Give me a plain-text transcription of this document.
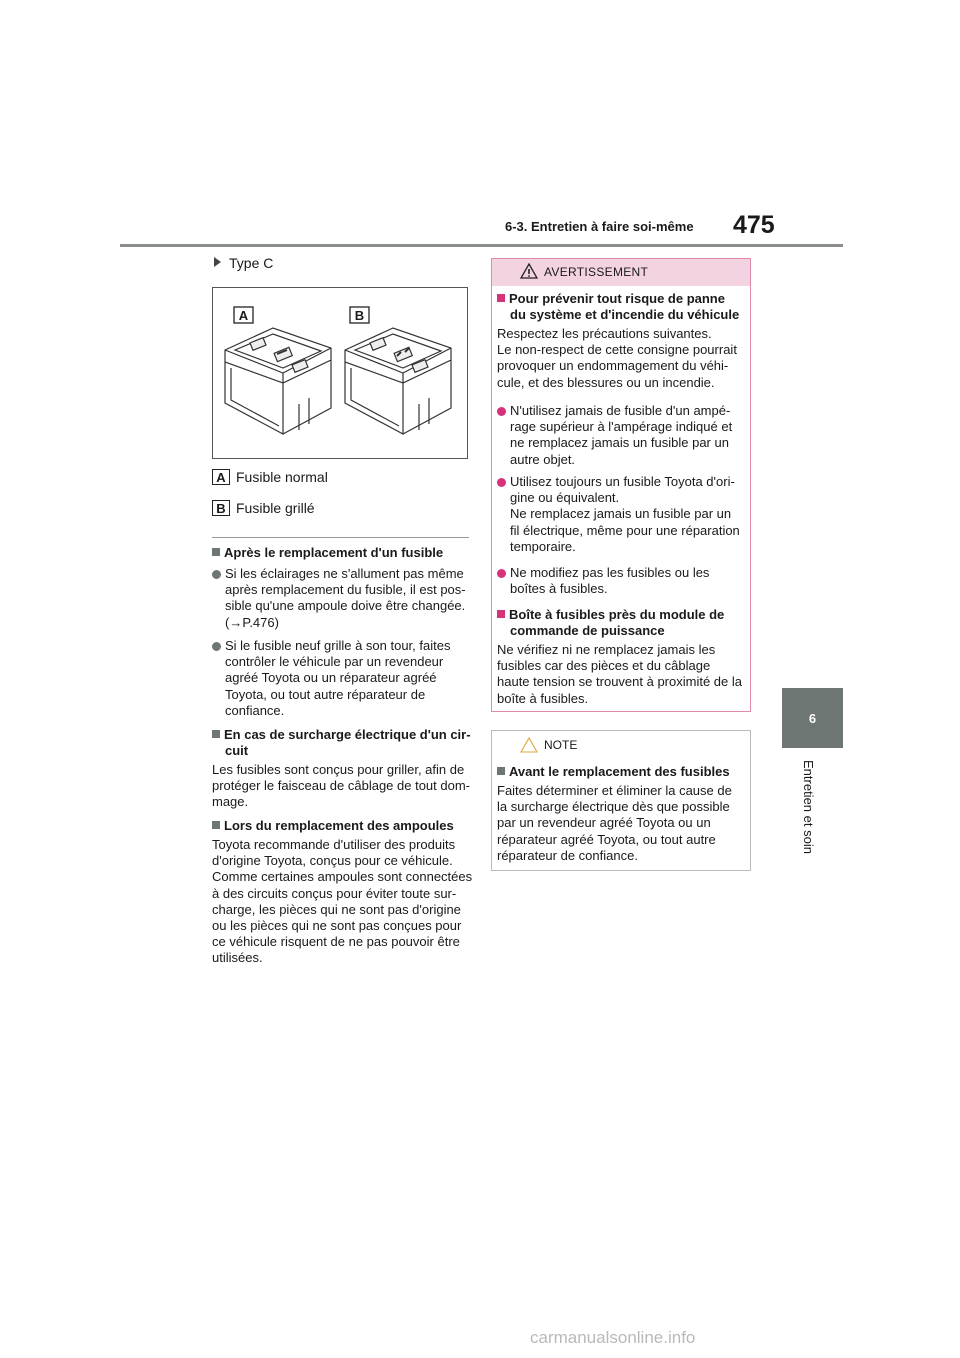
6-3. Entretien à faire soi-même 475
6
Entretien et soin
Type C
A	B
A Fusible normal
B Fusible grillé
Après le remplacement d'un fusible
Si les éclairages ne s'allument pas même
après remplacement du fusible, il est pos-
sible qu'une ampoule doive être changée.
(→P.476)
Si le fusible neuf grille à son tour, faites
contrôler le véhicule par un revendeur
agréé Toyota ou un réparateur agréé
Toyota, ou tout autre réparateur de
confiance.
En cas de surcharge électrique d'un cir-
cuit
Les fusibles sont conçus pour griller, afin de
protéger le faisceau de câblage de tout dom-
mage.
Lors du remplacement des ampoules
Toyota recommande d'utiliser des produits
d'origine Toyota, conçus pour ce véhicule.
Comme certaines ampoules sont connectées
à des circuits conçus pour éviter toute sur-
charge, les pièces qui ne sont pas d'origine
ou les pièces qui ne sont pas conçues pour
ce véhicule risquent de ne pas pouvoir être
utilisées.
AVERTISSEMENT
Pour prévenir tout risque de panne
du système et d'incendie du véhicule
Respectez les précautions suivantes.
Le non-respect de cette consigne pourrait
provoquer un endommagement du véhi-
cule, et des blessures ou un incendie.
N'utilisez jamais de fusible d'un ampé-
rage supérieur à l'ampérage indiqué et
ne remplacez jamais un fusible par un
autre objet.
Utilisez toujours un fusible Toyota d'ori-
gine ou équivalent.
Ne remplacez jamais un fusible par un
fil électrique, même pour une réparation
temporaire.
Ne modifiez pas les fusibles ou les
boîtes à fusibles.
Boîte à fusibles près du module de
commande de puissance
Ne vérifiez ni ne remplacez jamais les
fusibles car des pièces et du câblage
haute tension se trouvent à proximité de la
boîte à fusibles.
NOTE
Avant le remplacement des fusibles
Faites déterminer et éliminer la cause de
la surcharge électrique dès que possible
par un revendeur agréé Toyota ou un
réparateur agréé Toyota, ou tout autre
réparateur de confiance.
carmanualsonline.info
